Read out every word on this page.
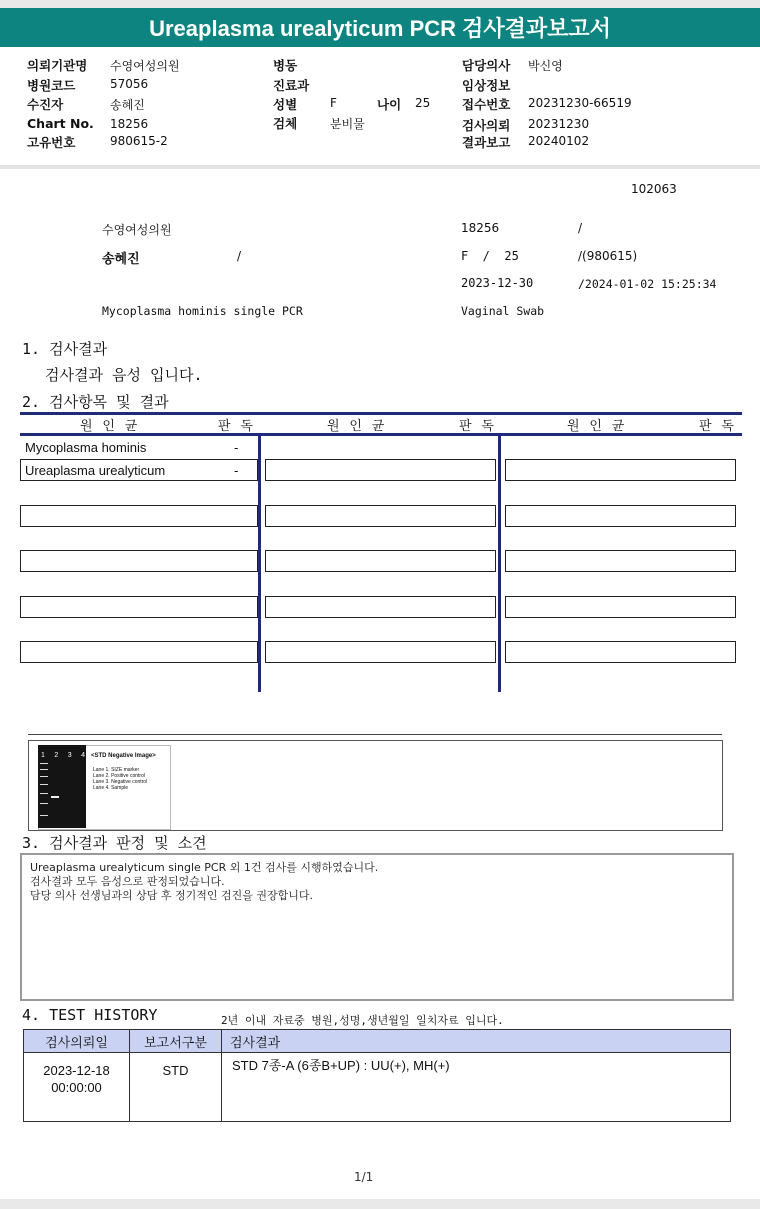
Ureaplasma urealyticum PCR 검사결과보고서
의뢰기관명 수영여성의원
병원코드	57056
수진자	송혜진
Chart No. 18256
고유번호	980615-2
병동
진료과
성별	F	나이 25
검체	분비물
담당의사 박신영
임상정보
접수번호 20231230-66519
검사의뢰 20231230
결과보고 20240102
102063
수영여성의원	18256	/
송혜진	/	F  /  25	/(980615)
2023-12-30	/2024-01-02 15:25:34
Mycoplasma hominis single PCR	Vaginal Swab
1. 검사결과
검사결과 음성 입니다.
2. 검사항목 및 결과
원 인 균	판 독	원 인 균	판 독	원 인 균	판 독
Mycoplasma hominis	-
Ureaplasma urealyticum	-
1 2 3 4 <STD Negative Image>
Lane 1. SIZE marker
Lane 2. Positive control
Lane 3. Negative control
Lane 4. Sample
3. 검사결과 판정 및 소견
Ureaplasma urealyticum single PCR 외 1건 검사를 시행하였습니다.
검사결과 모두 음성으로 판정되었습니다.
담당 의사 선생님과의 상담 후 정기적인 검진을 권장합니다.
4. TEST HISTORY	2년 이내 자료중 병원,성명,생년월일 일치자료 입니다.
검사의뢰일	보고서구분	검사결과

2023-12-18
00:00:00	STD	STD 7종-A (6종B+UP) : UU(+), MH(+)
1/1
